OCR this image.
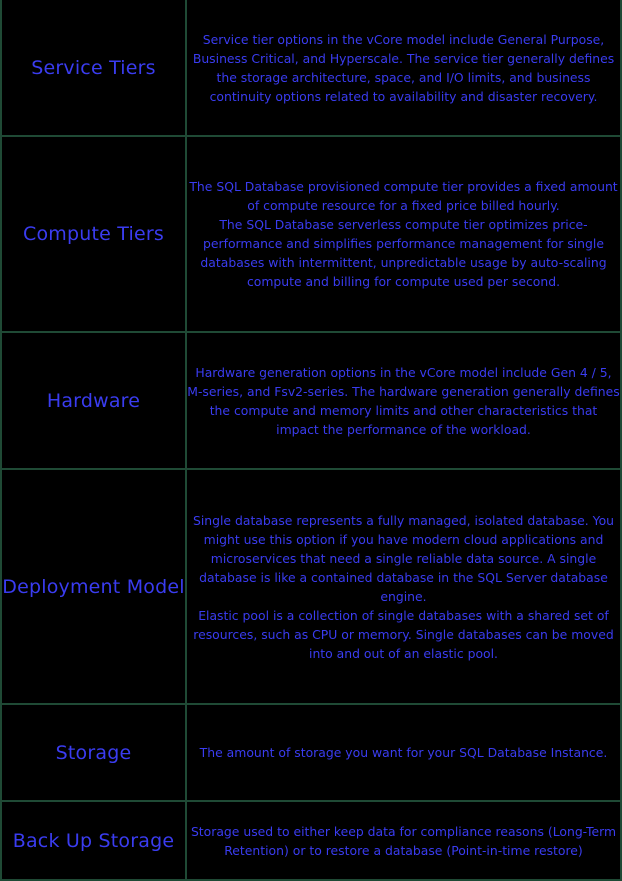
Service Tiers	Service tier options in the vCore model include General Purpose, Business Critical, and Hyperscale. The service tier generally defines the storage architecture, space, and I/O limits, and business continuity options related to availability and disaster recovery.

Compute Tiers	The SQL Database provisioned compute tier provides a fixed amount of compute resource for a fixed price billed hourly.
The SQL Database serverless compute tier optimizes price-performance and simplifies performance management for single databases with intermittent, unpredictable usage by auto-scaling compute and billing for compute used per second.

Hardware	Hardware generation options in the vCore model include Gen 4 / 5, M-series, and Fsv2-series. The hardware generation generally defines the compute and memory limits and other characteristics that impact the performance of the workload.

Deployment Model	Single database represents a fully managed, isolated database. You might use this option if you have modern cloud applications and microservices that need a single reliable data source. A single database is like a contained database in the SQL Server database engine.
Elastic pool is a collection of single databases with a shared set of resources, such as CPU or memory. Single databases can be moved into and out of an elastic pool.

Storage	The amount of storage you want for your SQL Database Instance.

Back Up Storage	Storage used to either keep data for compliance reasons (Long-Term Retention) or to restore a database (Point-in-time restore)
